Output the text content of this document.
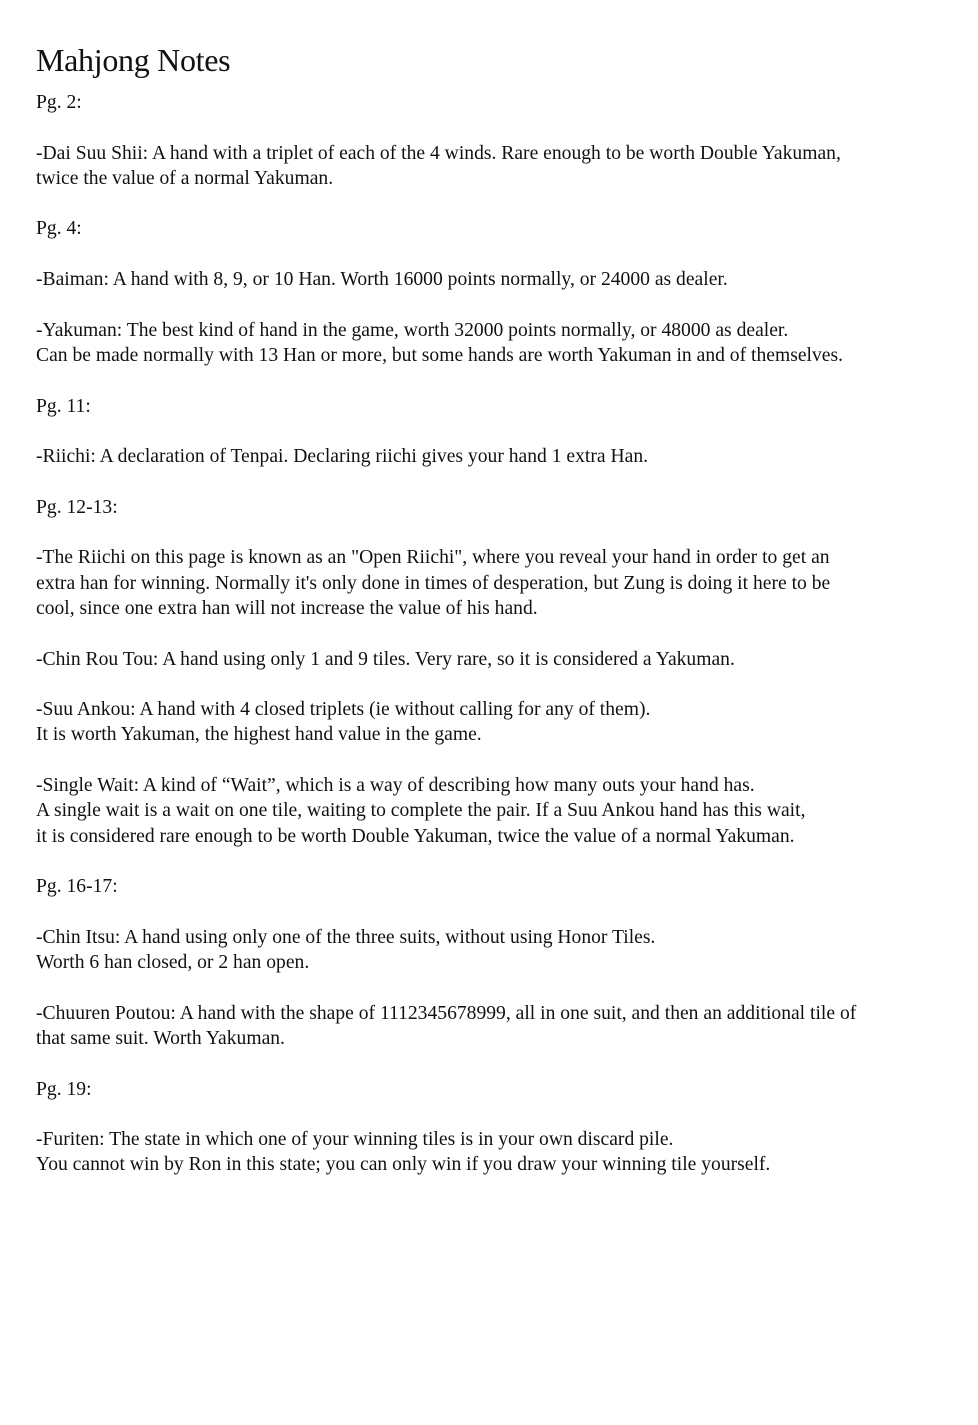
Mahjong Notes

Pg. 2:

-Dai Suu Shii: A hand with a triplet of each of the 4 winds. Rare enough to be worth Double Yakuman,
twice the value of a normal Yakuman.

Pg. 4:

-Baiman: A hand with 8, 9, or 10 Han. Worth 16000 points normally, or 24000 as dealer.

-Yakuman: The best kind of hand in the game, worth 32000 points normally, or 48000 as dealer.
Can be made normally with 13 Han or more, but some hands are worth Yakuman in and of themselves.

Pg. 11:

-Riichi: A declaration of Tenpai. Declaring riichi gives your hand 1 extra Han.

Pg. 12-13:

-The Riichi on this page is known as an "Open Riichi", where you reveal your hand in order to get an
extra han for winning. Normally it's only done in times of desperation, but Zung is doing it here to be
cool, since one extra han will not increase the value of his hand.

-Chin Rou Tou: A hand using only 1 and 9 tiles. Very rare, so it is considered a Yakuman.

-Suu Ankou: A hand with 4 closed triplets (ie without calling for any of them).
It is worth Yakuman, the highest hand value in the game.

-Single Wait: A kind of “Wait”, which is a way of describing how many outs your hand has.
A single wait is a wait on one tile, waiting to complete the pair. If a Suu Ankou hand has this wait,
it is considered rare enough to be worth Double Yakuman, twice the value of a normal Yakuman.

Pg. 16-17:

-Chin Itsu: A hand using only one of the three suits, without using Honor Tiles.
Worth 6 han closed, or 2 han open.

-Chuuren Poutou: A hand with the shape of 1112345678999, all in one suit, and then an additional tile of
that same suit. Worth Yakuman.

Pg. 19:

-Furiten: The state in which one of your winning tiles is in your own discard pile.
You cannot win by Ron in this state; you can only win if you draw your winning tile yourself.
